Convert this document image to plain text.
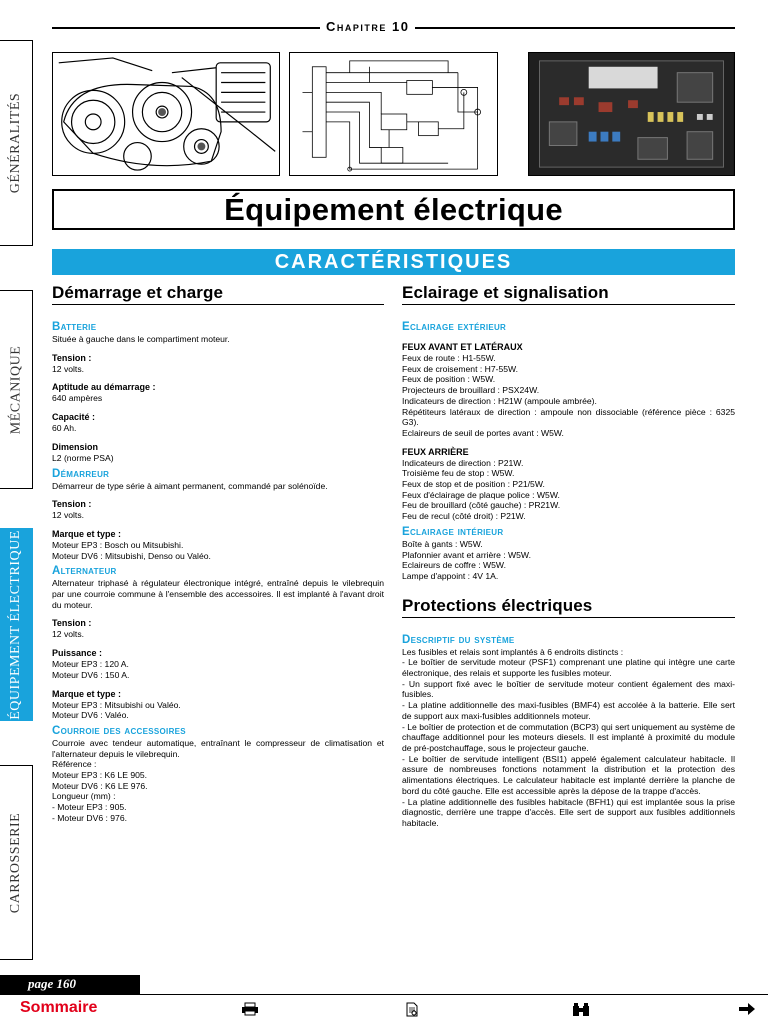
Chapitre 10
Équipement électrique
CARACTÉRISTIQUES
GÉNÉRALITÉS
MÉCANIQUE
ÉQUIPEMENT ÉLECTRIQUE
CARROSSERIE
Démarrage et charge
Batterie

Située à gauche dans le compartiment moteur.

Tension :

12 volts.

Aptitude au démarrage :

640 ampères

Capacité :

60 Ah.

Dimension

L2 (norme PSA)

Démarreur

Démarreur de type série à aimant permanent, commandé par solénoïde.

Tension :

12 volts.

Marque et type :

Moteur EP3 : Bosch ou Mitsubishi.

Moteur DV6 : Mitsubishi, Denso ou Valéo.

Alternateur

Alternateur triphasé à régulateur électronique intégré, entraîné depuis le vilebrequin par une courroie commune à l'ensemble des accessoires. Il est implanté à l'avant droit du moteur.

Tension :

12 volts.

Puissance :

Moteur EP3 : 120 A.

Moteur DV6 : 150 A.

Marque et type :

Moteur EP3 : Mitsubishi ou Valéo.

Moteur DV6 : Valéo.

Courroie des accessoires

Courroie avec tendeur automatique, entraînant le compresseur de climatisation et l'alternateur depuis le vilebrequin.

Référence :

Moteur EP3 : K6 LE 905.

Moteur DV6 : K6 LE 976.

Longueur (mm) :

- Moteur EP3 : 905.

- Moteur DV6 : 976.

Eclairage et signalisation
Eclairage extérieur
FEUX AVANT ET LATÉRAUX

Feux de route : H1-55W.

Feux de croisement : H7-55W.

Feux de position : W5W.

Projecteurs de brouillard : PSX24W.

Indicateurs de direction : H21W (ampoule ambrée).

Répétiteurs latéraux de direction : ampoule non dissociable (référence pièce : 6325 G3).

Eclaireurs de seuil de portes avant : W5W.

FEUX ARRIÈRE

Indicateurs de direction : P21W.

Troisième feu de stop : W5W.

Feux de stop et de position : P21/5W.

Feux d'éclairage de plaque police : W5W.

Feu de brouillard (côté gauche) : PR21W.

Feu de recul (côté droit) : P21W.

Eclairage intérieur

Boîte à gants : W5W.

Plafonnier avant et arrière : W5W.

Eclaireurs de coffre : W5W.

Lampe d'appoint : 4V 1A.

Protections électriques
Descriptif du système

Les fusibles et relais sont implantés à 6 endroits distincts :

- Le boîtier de servitude moteur (PSF1) comprenant une platine qui intègre une carte électronique, des relais et supporte les fusibles moteur.

- Un support fixé avec le boîtier de servitude moteur contient également des maxi-fusibles.

- La platine additionnelle des maxi-fusibles (BMF4) est accolée à la batterie. Elle sert de support aux maxi-fusibles additionnels moteur.

- Le boîtier de protection et de commutation (BCP3) qui sert uniquement au système de chauffage additionnel pour les moteurs diesels. Il est implanté à proximité du module de pré-postchauffage, sous le projecteur gauche.

- Le boîtier de servitude intelligent (BSI1) appelé également calculateur habitacle. Il assure de nombreuses fonctions notamment la distribution et la protection des alimentations électriques. Le calculateur habitacle est implanté derrière la planche de bord du côté gauche. Elle est accessible après la dépose de la trappe d'accès.

- La platine additionnelle des fusibles habitacle (BFH1) qui est implantée sous la prise diagnostic, derrière une trappe d'accès. Elle sert de support aux fusibles additionnels habitacle.

page 160
Sommaire
